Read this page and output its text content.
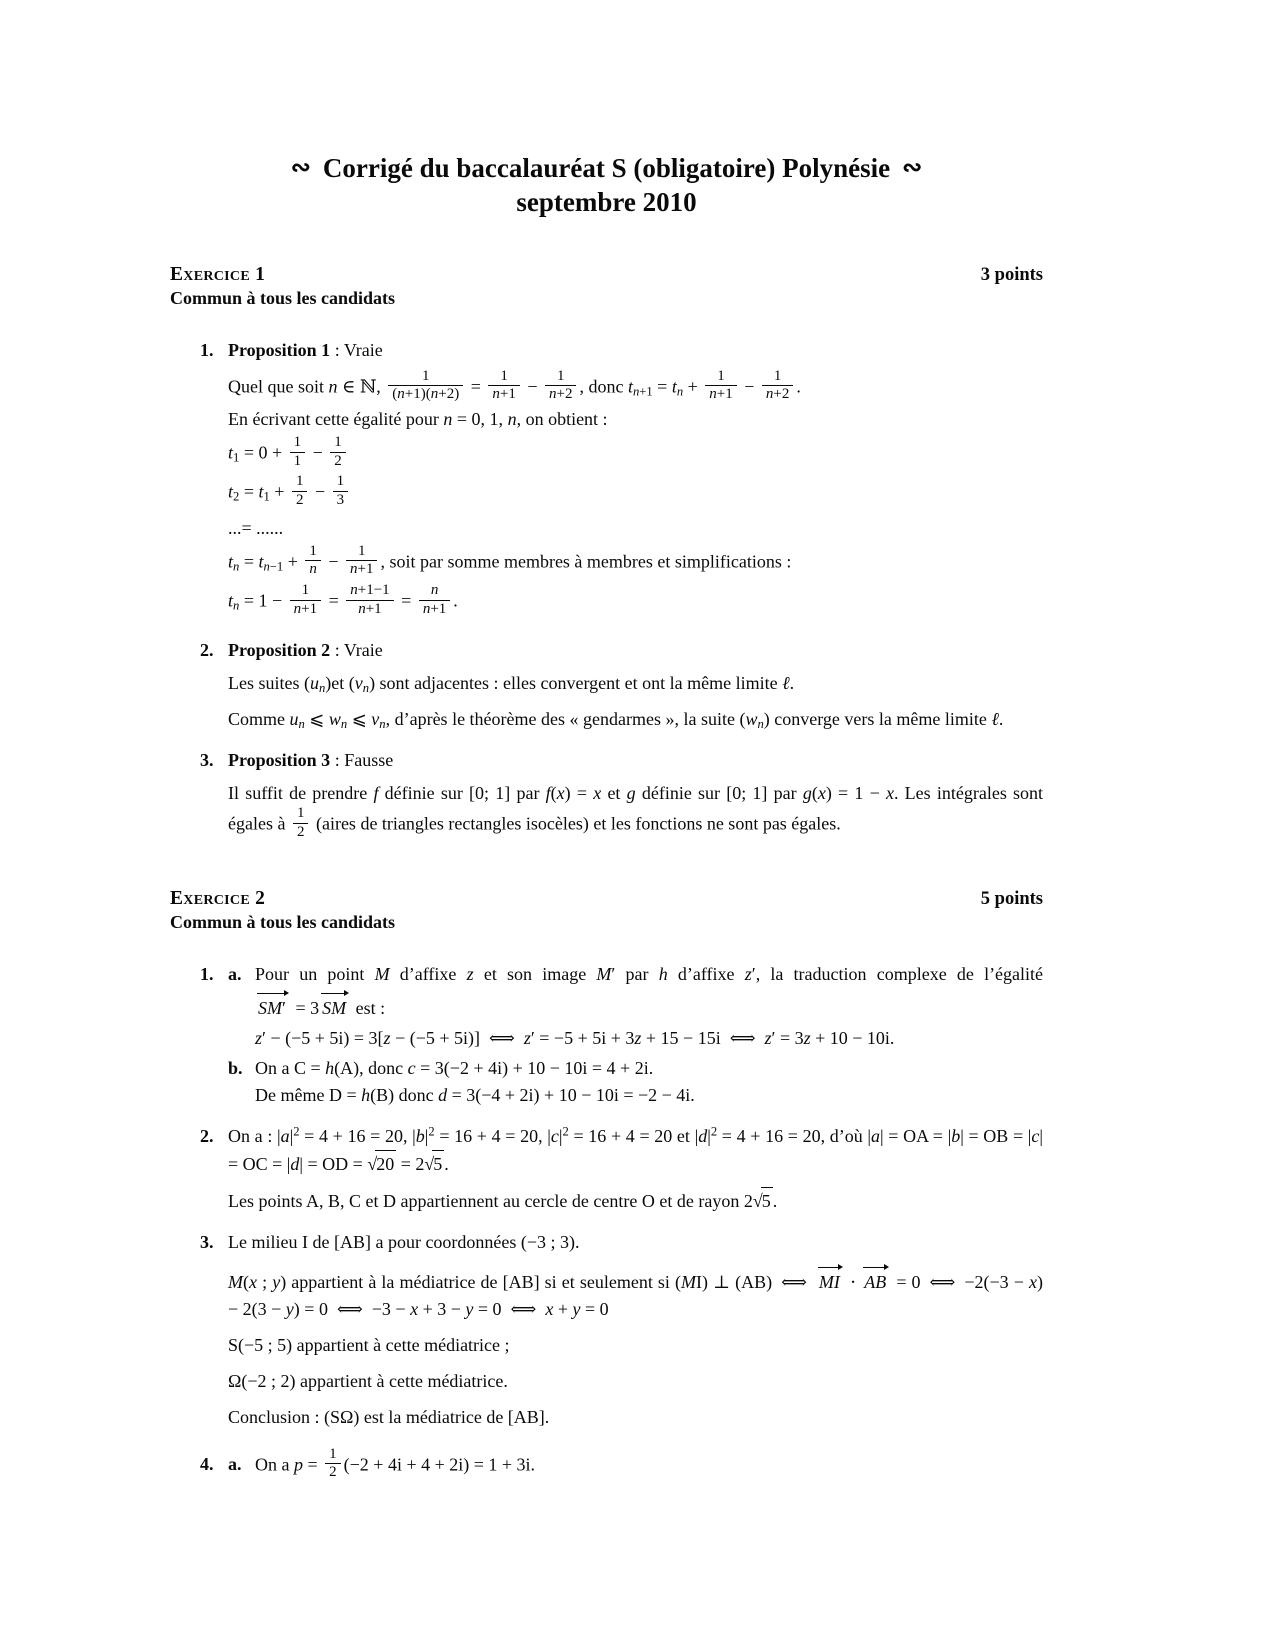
∾ Corrigé du baccalauréat S (obligatoire) Polynésie ∾
septembre 2010
Exercice 1	3 points
Commun à tous les candidats
1. Proposition 1 : Vraie
Quel que soit n ∈ ℕ, $\frac{1}{(n+1)(n+2)} = \frac{1}{n+1} - \frac{1}{n+2}$ , donc $t_{n+1} = t_n + \frac{1}{n+1} - \frac{1}{n+2}$ .
En écrivant cette égalité pour n = 0, 1, n, on obtient :
$t_1 = 0 + \frac{1}{1} - \frac{1}{2}$
$t_2 = t_1 + \frac{1}{2} - \frac{1}{3}$
...= ......
$t_n = t_{n-1} + \frac{1}{n} - \frac{1}{n+1}$ , soit par somme membres à membres et simplifications :
$t_n = 1 - \frac{1}{n+1} = \frac{n+1-1}{n+1} = \frac{n}{n+1}$ .
2. Proposition 2 : Vraie
Les suites $(u_n)et$ $(v_n)$ sont adjacentes : elles convergent et ont la même limite ℓ.
Comme $u_n$ ⩽ $w_n$ ⩽ $v_n$, d’après le théorème des « gendarmes », la suite $(w_n)$ converge vers la même limite ℓ.
3. Proposition 3 : Fausse
Il suffit de prendre f définie sur [0; 1] par f(x) = x et g définie sur [0; 1] par g(x) = 1 − x. Les intégrales sont égales à $\frac{1}{2}$ (aires de triangles rectangles isocèles) et les fonctions ne sont pas égales.
Exercice 2	5 points
Commun à tous les candidats
1. a. Pour un point M d’affixe z et son image M′ par h d’affixe z′, la traduction complexe de l’égalité
SM′ = 3 SM est :
z′ − (−5 + 5i) = 3[z − (−5 + 5i)] ⟺ z′ = −5 + 5i + 3z + 15 − 15i ⟺ z′ = 3z + 10 − 10i.
b. On a C = h(A), donc c = 3(−2 + 4i) + 10 − 10i = 4 + 2i.
De même D = h(B) donc d = 3(−4 + 2i) + 10 − 10i = −2 − 4i.
2. On a : $|a|^2 = 4 + 16 = 20$, $|b|^2 = 16 + 4 = 20$, $|c|^2 = 16 + 4 = 20$ et $|d|^2 = 4 + 16 = 20$, d’où |a| = OA = |b| = OB = |c| = OC = |d| = OD = √20 = 2√5 .
Les points A, B, C et D appartiennent au cercle de centre O et de rayon 2√5 .
3. Le milieu I de [AB] a pour coordonnées (−3 ; 3).
M(x ; y) appartient à la médiatrice de [AB] si et seulement si (MI) ⊥ (AB) ⟺ MI ⋅ AB = 0 ⟺ −2(−3 − x) − 2(3 − y) = 0 ⟺ −3 − x + 3 − y = 0 ⟺ x + y = 0
S(−5 ; 5) appartient à cette médiatrice ;
Ω(−2 ; 2) appartient à cette médiatrice.
Conclusion : (SΩ) est la médiatrice de [AB].
4. a. On a $p = \frac{1}{2} (-2 + 4i + 4 + 2i) = 1 + 3i$.
